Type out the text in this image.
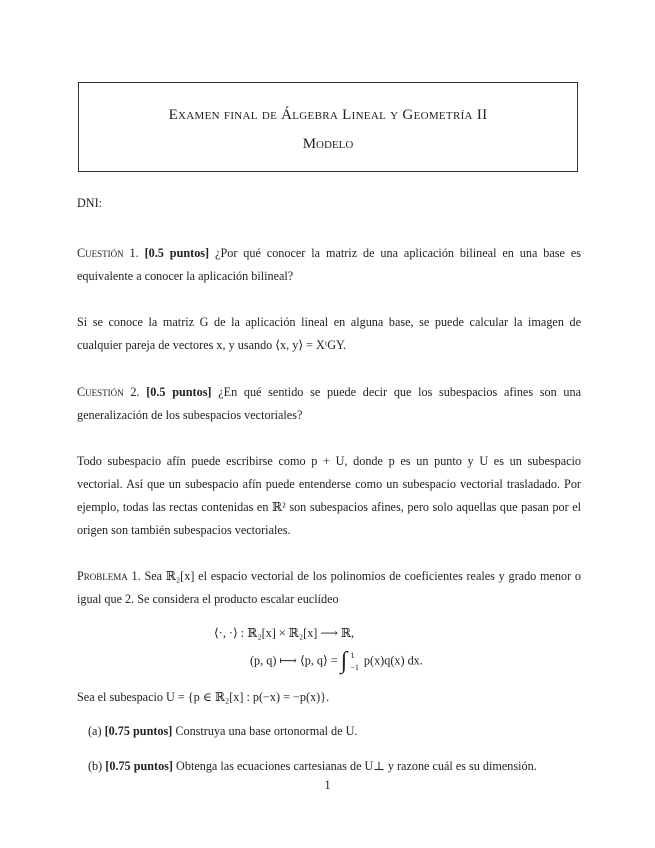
Examen final de Álgebra Lineal y Geometría II
Modelo
DNI:
Cuestión 1. [0.5 puntos] ¿Por qué conocer la matriz de una aplicación bilineal en una base es equivalente a conocer la aplicación bilineal?
Si se conoce la matriz G de la aplicación lineal en alguna base, se puede calcular la imagen de cualquier pareja de vectores x, y usando ⟨x, y⟩ = XᵗGY.
Cuestión 2. [0.5 puntos] ¿En qué sentido se puede decir que los subespacios afines son una generalización de los subespacios vectoriales?
Todo subespacio afín puede escribirse como p + U, donde p es un punto y U es un subespacio vectorial. Así que un subespacio afín puede entenderse como un subespacio vectorial trasladado. Por ejemplo, todas las rectas contenidas en ℝ² son subespacios afines, pero solo aquellas que pasan por el origen son también subespacios vectoriales.
Problema 1. Sea ℝ₂[x] el espacio vectorial de los polinomios de coeficientes reales y grado menor o igual que 2. Se considera el producto escalar euclídeo
⟨·, ·⟩ : ℝ₂[x] × ℝ₂[x] ⟶ ℝ,
(p, q) ⟼ ⟨p, q⟩ = ∫ 1
−1 p(x)q(x) dx.
Sea el subespacio U = {p ∈ ℝ₂[x] : p(−x) = −p(x)}.
(a) [0.75 puntos] Construya una base ortonormal de U.
(b) [0.75 puntos] Obtenga las ecuaciones cartesianas de U⊥ y razone cuál es su dimensión.
1
